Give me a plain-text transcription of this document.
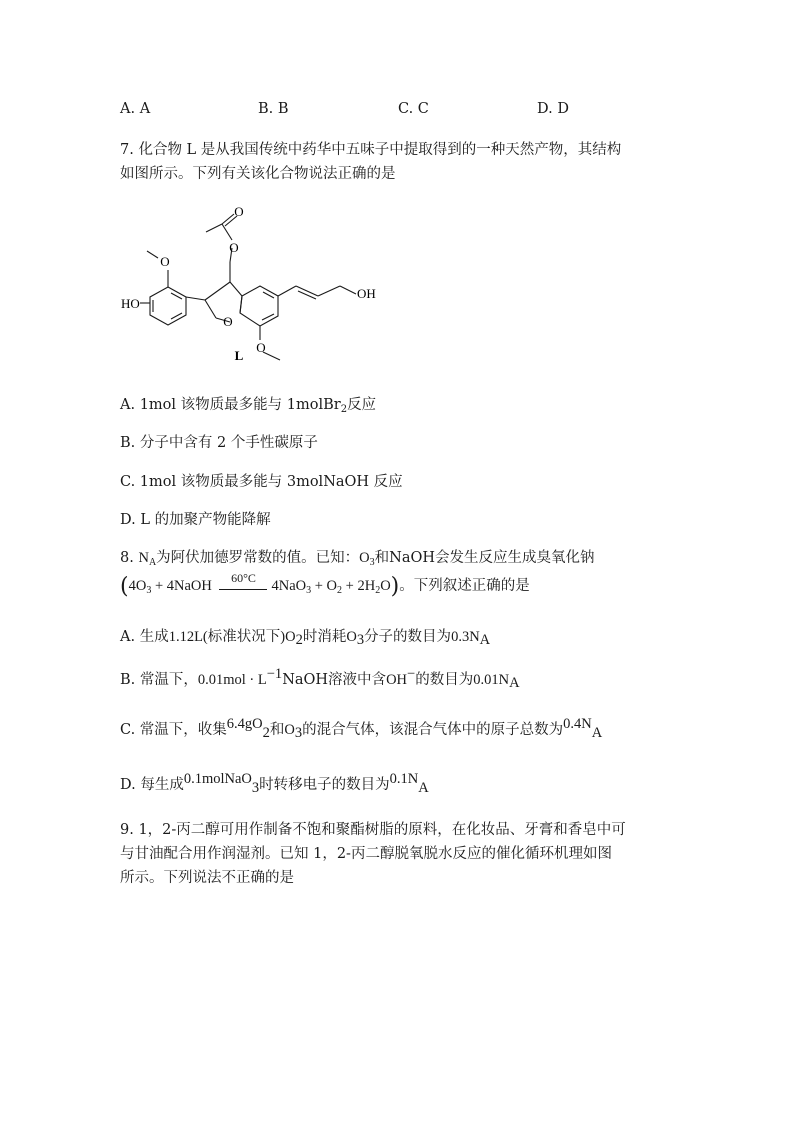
A. A	B. B	C. C	D. D
7. 化合物 L 是从我国传统中药华中五味子中提取得到的一种天然产物，其结构
如图所示。下列有关该化合物说法正确的是
O
O
O
O
O
HO
OH
L
A. 1mol 该物质最多能与 1molBr$_2$反应
B. 分子中含有 2 个手性碳原子
C. 1mol 该物质最多能与 3molNaOH 反应
D. L 的加聚产物能降解
8. $N_A$为阿伏加德罗常数的值。已知：$O_3$和NaOH会发生反应生成臭氧化钠
($4O_3$ + 4NaOH $^{60^\circ C}$ $4NaO_3 + O_2 + 2H_2O$)。下列叙述正确的是
A. 生成1.12L(标准状况下)$O_2$时消耗$O_3$分子的数目为$0.3N_A$
B. 常温下，$0.01mol \cdot L^{-1}NaOH$溶液中含OH−的数目为$0.01N_A$
C. 常温下，收集$6.4gO_2$和$O_3$的混合气体，该混合气体中的原子总数为$0.4N_A$
D. 每生成0.1molNaO$_3$时转移电子的数目为$0.1N_A$
9. 1，2-丙二醇可用作制备不饱和聚酯树脂的原料，在化妆品、牙膏和香皂中可
与甘油配合用作润湿剂。已知 1，2-丙二醇脱氧脱水反应的催化循环机理如图
所示。下列说法不正确的是
